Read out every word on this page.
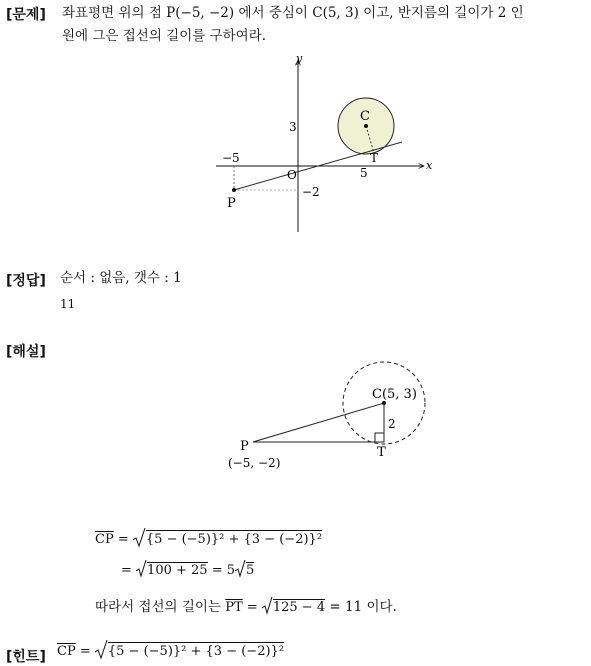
[문제] 좌표평면 위의 점 P(−5, −2) 에서 중심이 C(5, 3) 이고, 반지름의 길이가 2 인
원에 그은 접선의 길이를 구하여라.
y
x
O
3
−5
5
−2
C
T
P
[정답] 순서 : 없음, 갯수 : 1
11
[해설]
C(5, 3)
2
P
(−5, −2)
T
$\overline{CP} = \{5 - (-5)\}^2 + \{3 - (-2)\}^2$
= 100 + 25 = 5 5
따라서 접선의 길이는 $\overline{PT} = 125 - 4 = 11$ 이다.
[힌트] $\overline{CP} = \{5 - (-5)\}^2 + \{3 - (-2)\}^2$
